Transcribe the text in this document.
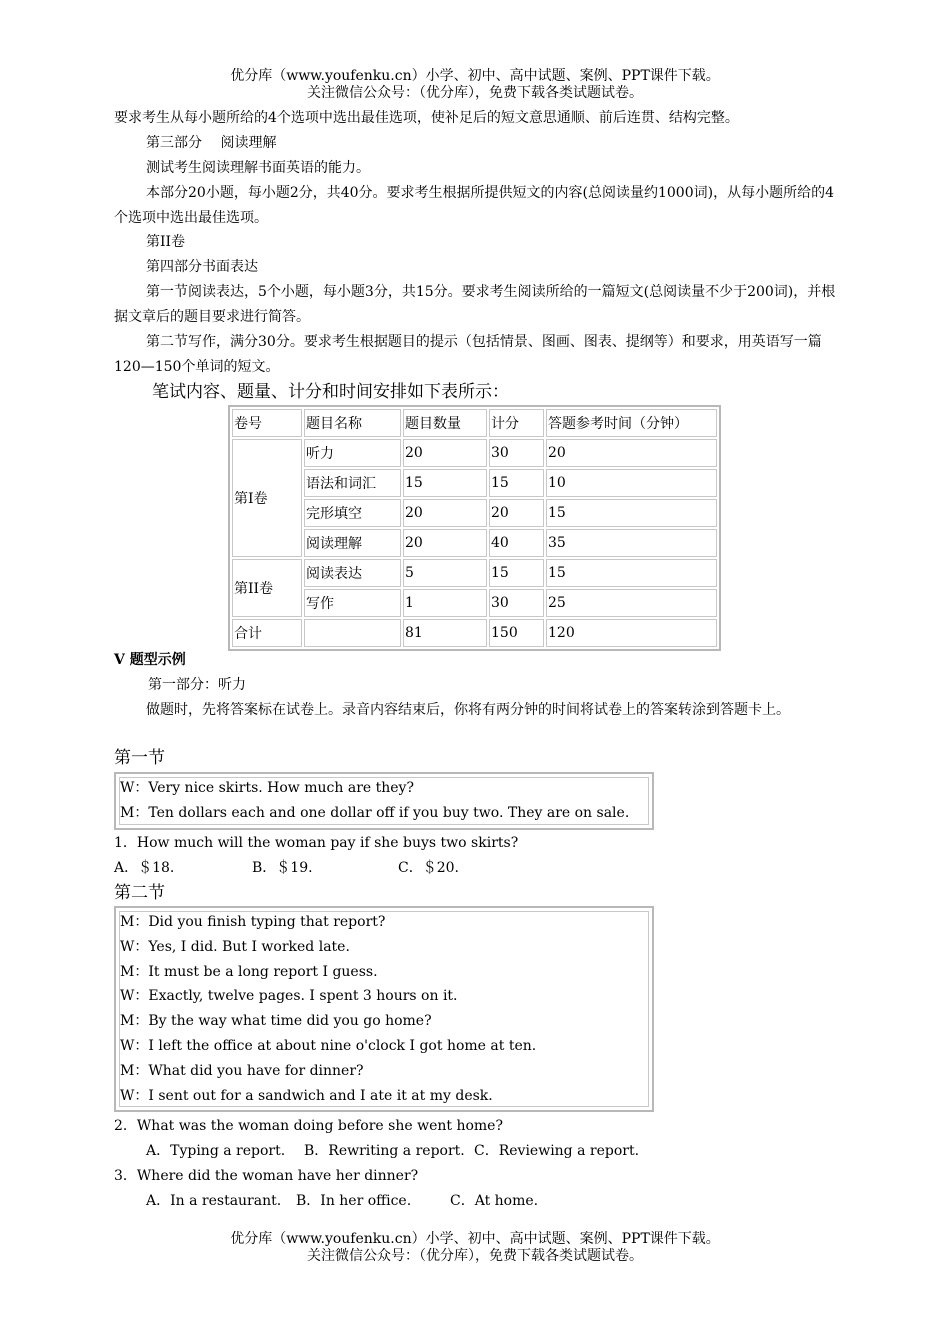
优分库（www.youfenku.cn）小学、初中、高中试题、案例、PPT课件下载。
关注微信公众号：（优分库），免费下载各类试题试卷。

要求考生从每小题所给的4个选项中选出最佳选项，使补足后的短文意思通顺、前后连贯、结构完整。

第三部分　 阅读理解

测试考生阅读理解书面英语的能力。

本部分20小题，每小题2分，共40分。要求考生根据所提供短文的内容(总阅读量约1000词)，从每小题所给的4个选项中选出最佳选项。

第II卷

第四部分书面表达

第一节阅读表达，5个小题，每小题3分，共15分。要求考生阅读所给的一篇短文(总阅读量不少于200词)，并根据文章后的题目要求进行简答。

第二节写作，满分30分。要求考生根据题目的提示（包括情景、图画、图表、提纲等）和要求，用英语写一篇120—150个单词的短文。

笔试内容、题量、计分和时间安排如下表所示：

卷号	题目名称	题目数量	计分	答题参考时间（分钟）
第I卷	听力	20	30	20
	语法和词汇	15	15	10
	完形填空	20	20	15
	阅读理解	20	40	35
第II卷	阅读表达	5	15	15
	写作	1	30	25
合计		81	150	120

Ⅴ 题型示例

第一部分：听力

做题时，先将答案标在试卷上。录音内容结束后，你将有两分钟的时间将试卷上的答案转涂到答题卡上。

第一节

W：Very nice skirts. How much are they?
M：Ten dollars each and one dollar off if you buy two. They are on sale.

1．How much will the woman pay if she buys two skirts?

A．＄18.	B．＄19.	C．＄20.

第二节

M：Did you finish typing that report?
W：Yes, I did. But I worked late.
M：It must be a long report I guess.
W：Exactly, twelve pages. I spent 3 hours on it.
M：By the way what time did you go home?
W：I left the office at about nine o'clock I got home at ten.
M：What did you have for dinner?
W：I sent out for a sandwich and I ate it at my desk.

2．What was the woman doing before she went home?

A．Typing a report. B．Rewriting a report. C．Reviewing a report.

3．Where did the woman have her dinner?

A．In a restaurant. B．In her office.	C．At home.

优分库（www.youfenku.cn）小学、初中、高中试题、案例、PPT课件下载。
关注微信公众号：（优分库），免费下载各类试题试卷。
